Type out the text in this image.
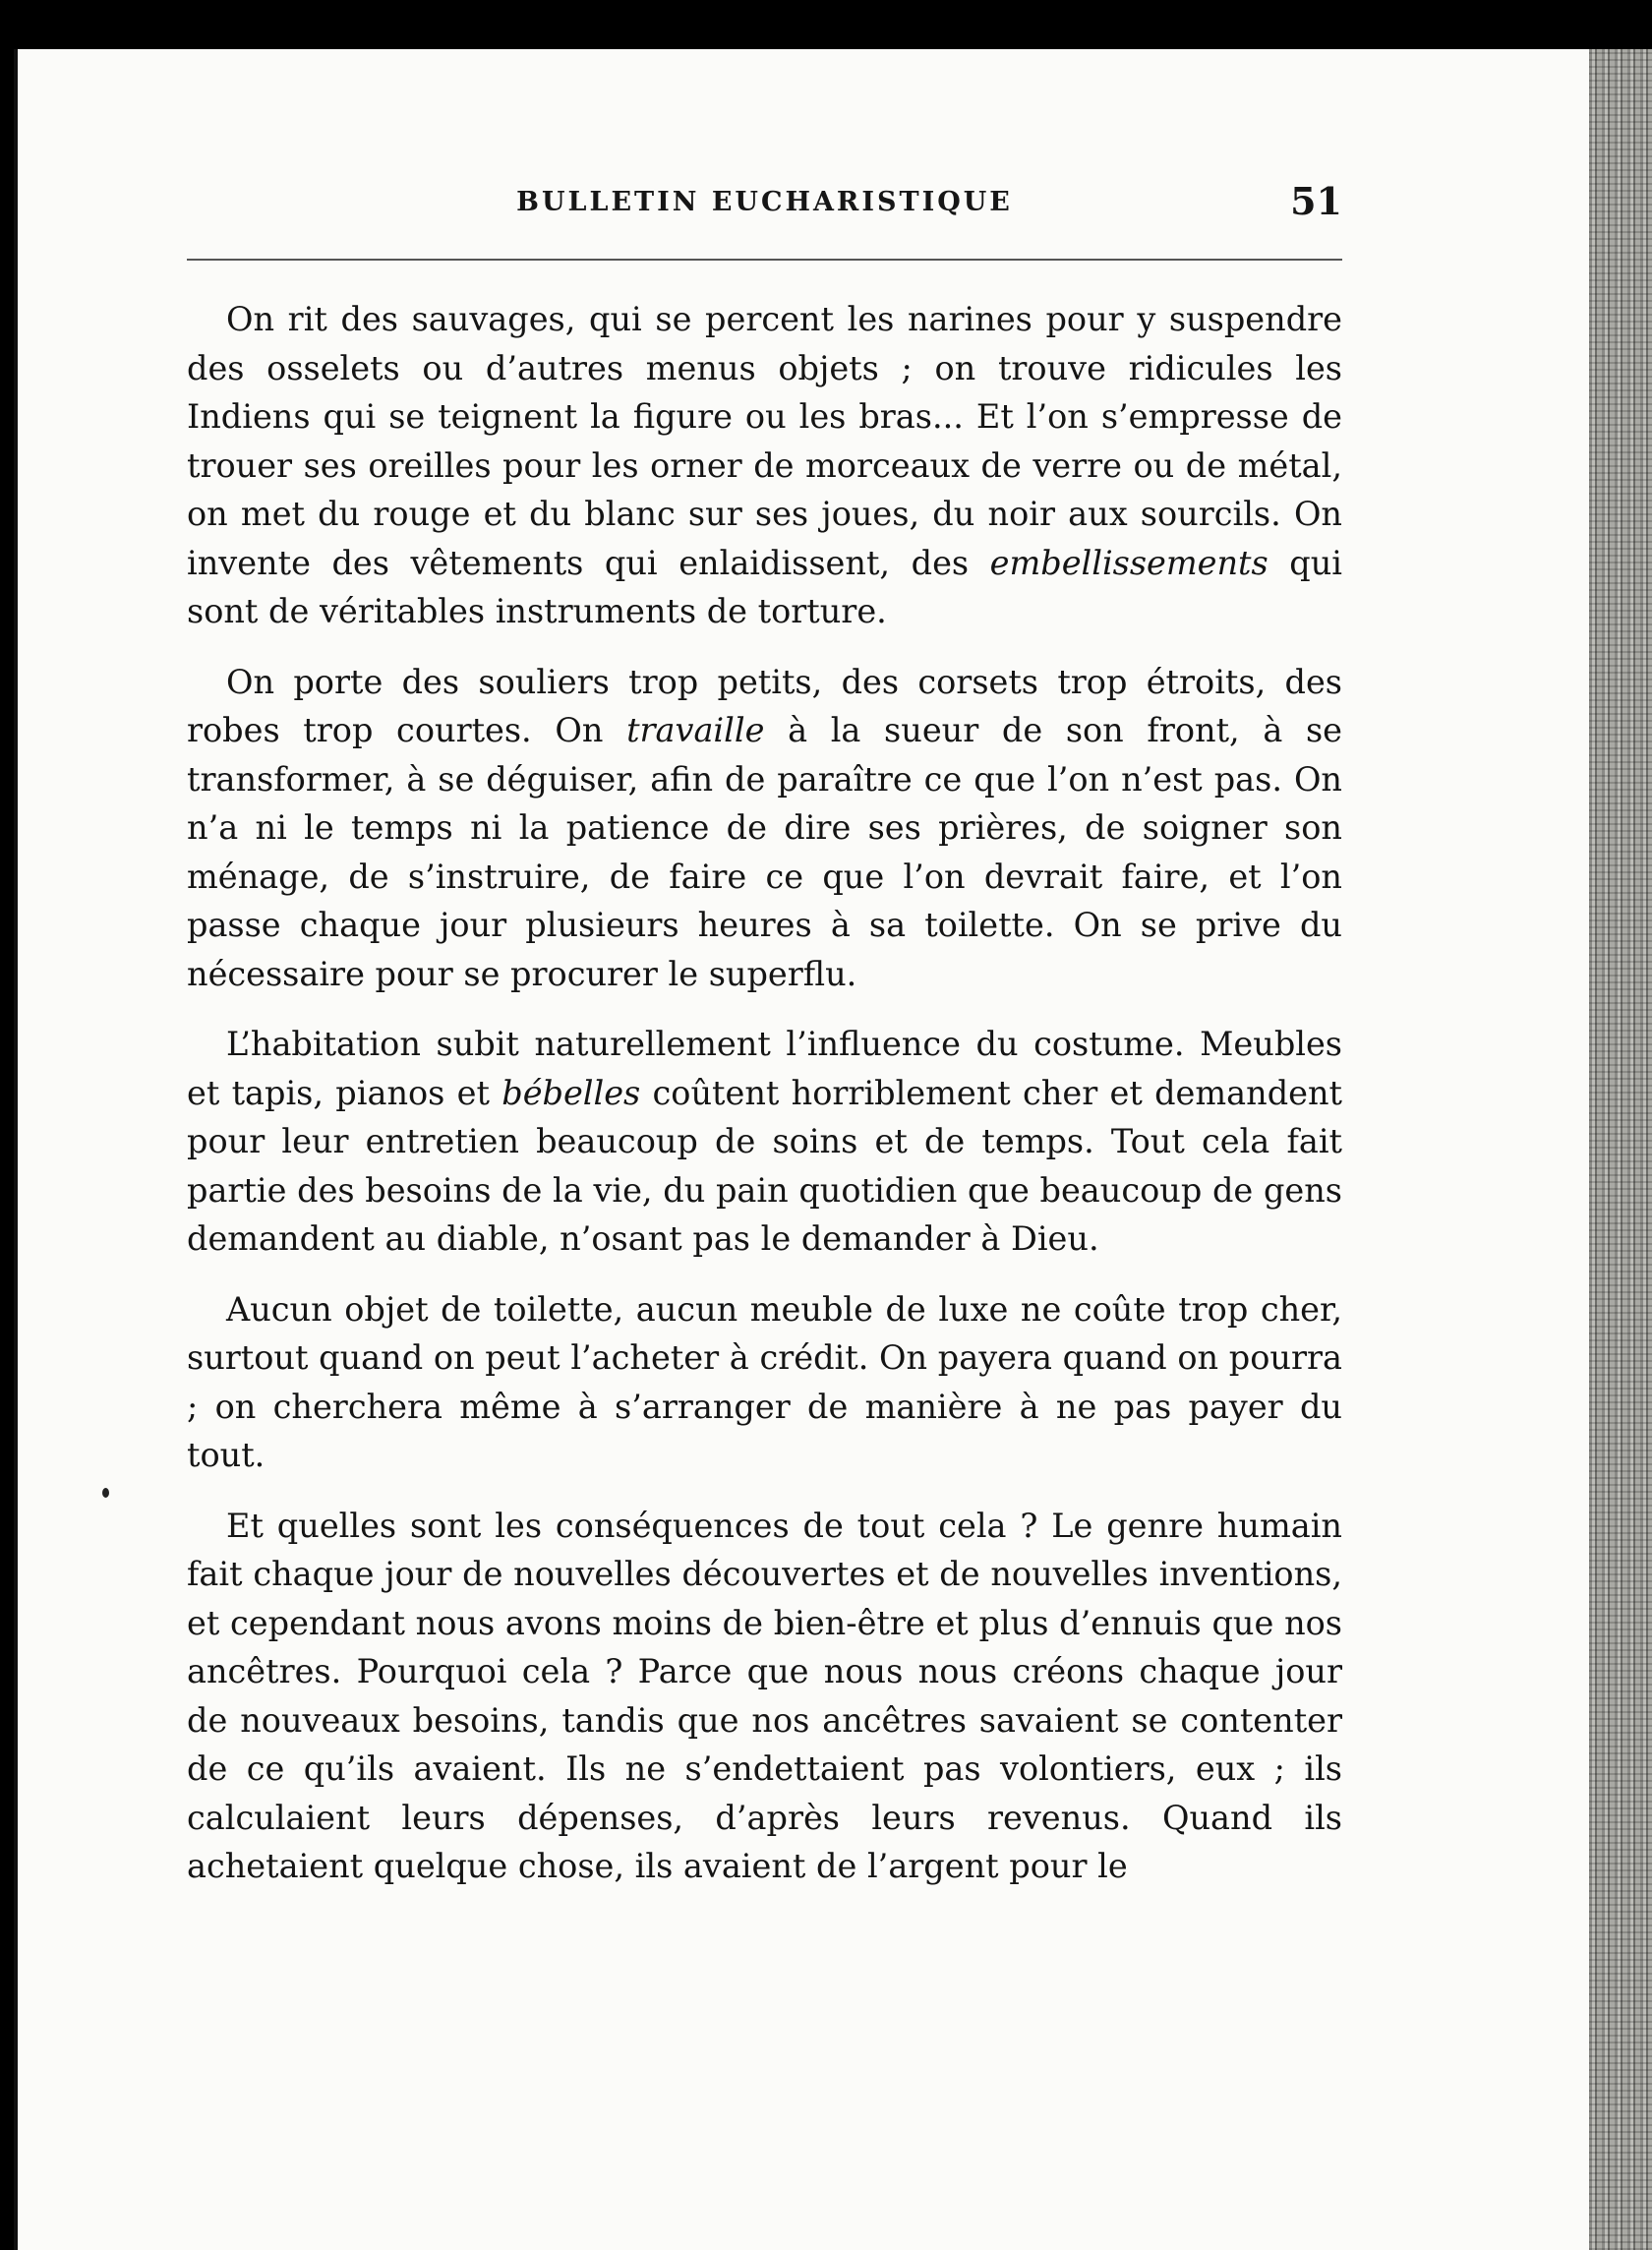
BULLETIN EUCHARISTIQUE	51

On rit des sauvages, qui se percent les narines pour y suspendre des osselets ou d’autres menus objets ; on trouve ridicules les Indiens qui se teignent la figure ou les bras... Et l’on s’empresse de trouer ses oreilles pour les orner de morceaux de verre ou de métal, on met du rouge et du blanc sur ses joues, du noir aux sourcils. On invente des vêtements qui enlaidissent, des embellissements qui sont de véritables instruments de torture.

On porte des souliers trop petits, des corsets trop étroits, des robes trop courtes. On travaille à la sueur de son front, à se transformer, à se déguiser, afin de paraître ce que l’on n’est pas. On n’a ni le temps ni la patience de dire ses prières, de soigner son ménage, de s’instruire, de faire ce que l’on devrait faire, et l’on passe chaque jour plusieurs heures à sa toilette. On se prive du nécessaire pour se procurer le superflu.

L’habitation subit naturellement l’influence du costume. Meubles et tapis, pianos et bébelles coûtent horriblement cher et demandent pour leur entretien beaucoup de soins et de temps. Tout cela fait partie des besoins de la vie, du pain quotidien que beaucoup de gens demandent au diable, n’osant pas le demander à Dieu.

Aucun objet de toilette, aucun meuble de luxe ne coûte trop cher, surtout quand on peut l’acheter à crédit. On payera quand on pourra ; on cherchera même à s’arranger de manière à ne pas payer du tout.

Et quelles sont les conséquences de tout cela ? Le genre humain fait chaque jour de nouvelles découvertes et de nouvelles inventions, et cependant nous avons moins de bien-être et plus d’ennuis que nos ancêtres. Pourquoi cela ? Parce que nous nous créons chaque jour de nouveaux besoins, tandis que nos ancêtres savaient se contenter de ce qu’ils avaient. Ils ne s’endettaient pas volontiers, eux ; ils calculaient leurs dépenses, d’après leurs revenus. Quand ils achetaient quelque chose, ils avaient de l’argent pour le
